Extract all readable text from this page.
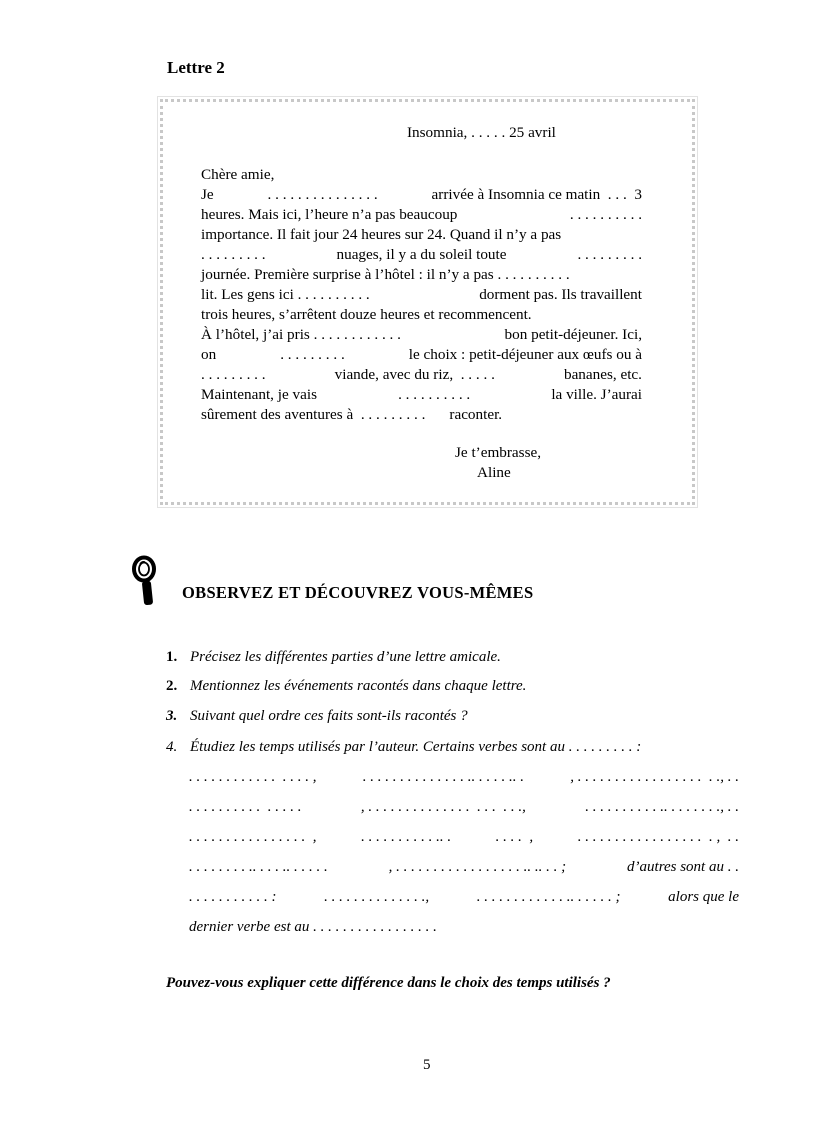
Lettre 2
Insomnia, . . . . . 25 avril
Chère amie,
Je	. . . . . . . . . . . . . . .	arrivée à Insomnia ce matin  . . .  3
heures. Mais ici, l’heure n’a pas beaucoup	. . . . . . . . . .
importance. Il fait jour 24 heures sur 24. Quand il n’y a pas
. . . . . . . . .	nuages, il y a du soleil toute	. . . . . . . . .
journée. Première surprise à l’hôtel : il n’y a pas . . . . . . . . . .
lit. Les gens ici . . . . . . . . . .	dorment pas. Ils travaillent
trois heures, s’arrêtent douze heures et recommencent.
À l’hôtel, j’ai pris . . . . . . . . . . . .	bon petit-déjeuner. Ici,
on	. . . . . . . . .	le choix : petit-déjeuner aux œufs ou à
. . . . . . . . .	viande, avec du riz,  . . . . .	bananes, etc.
Maintenant, je vais	. . . . . . . . . .	la ville. J’aurai
sûrement des aventures à  . . . . . . . . .	raconter.
Je t’embrasse,
Aline
OBSERVEZ ET DÉCOUVREZ VOUS-MÊMES
1. Précisez les différentes parties d’une lettre amicale.
2. Mentionnez les événements racontés dans chaque lettre.
3. Suivant quel ordre ces faits sont-ils racontés ?
4. Étudiez les temps utilisés par l’auteur. Certains verbes sont au . . . . . . . . . :
. . . . . . . . . . . .  . . . . ,	. . . . . . . . . . . . . . .. . . . . .. .	, . . . . . . . . . . . . . . . . .  . ., . .
. . . . . . . . . .  . . . . .	, . . . . . . . . . . . . . .  . . .  . . .,	. . . . . . . . . . .. . . . . . . ., . .
. . . . . . . . . . . . . . . .  ,	. . . . . . . . . . .. .	. . . .  ,	. . . . . . . . . . . . . . . . .  . ,  . .
. . . . . . . . .. . . . .. . . . . .	, . . . . . . . . . . . . . . . . . .. .. . . ;	d’autres sont au . .
. . . . . . . . . . . :	. . . . . . . . . . . . . .,	. . . . . . . . . . . . .. . . . . . ;	alors que le
dernier verbe est au . . . . . . . . . . . . . . . . .
Pouvez-vous expliquer cette différence dans le choix des temps utilisés ?
5
